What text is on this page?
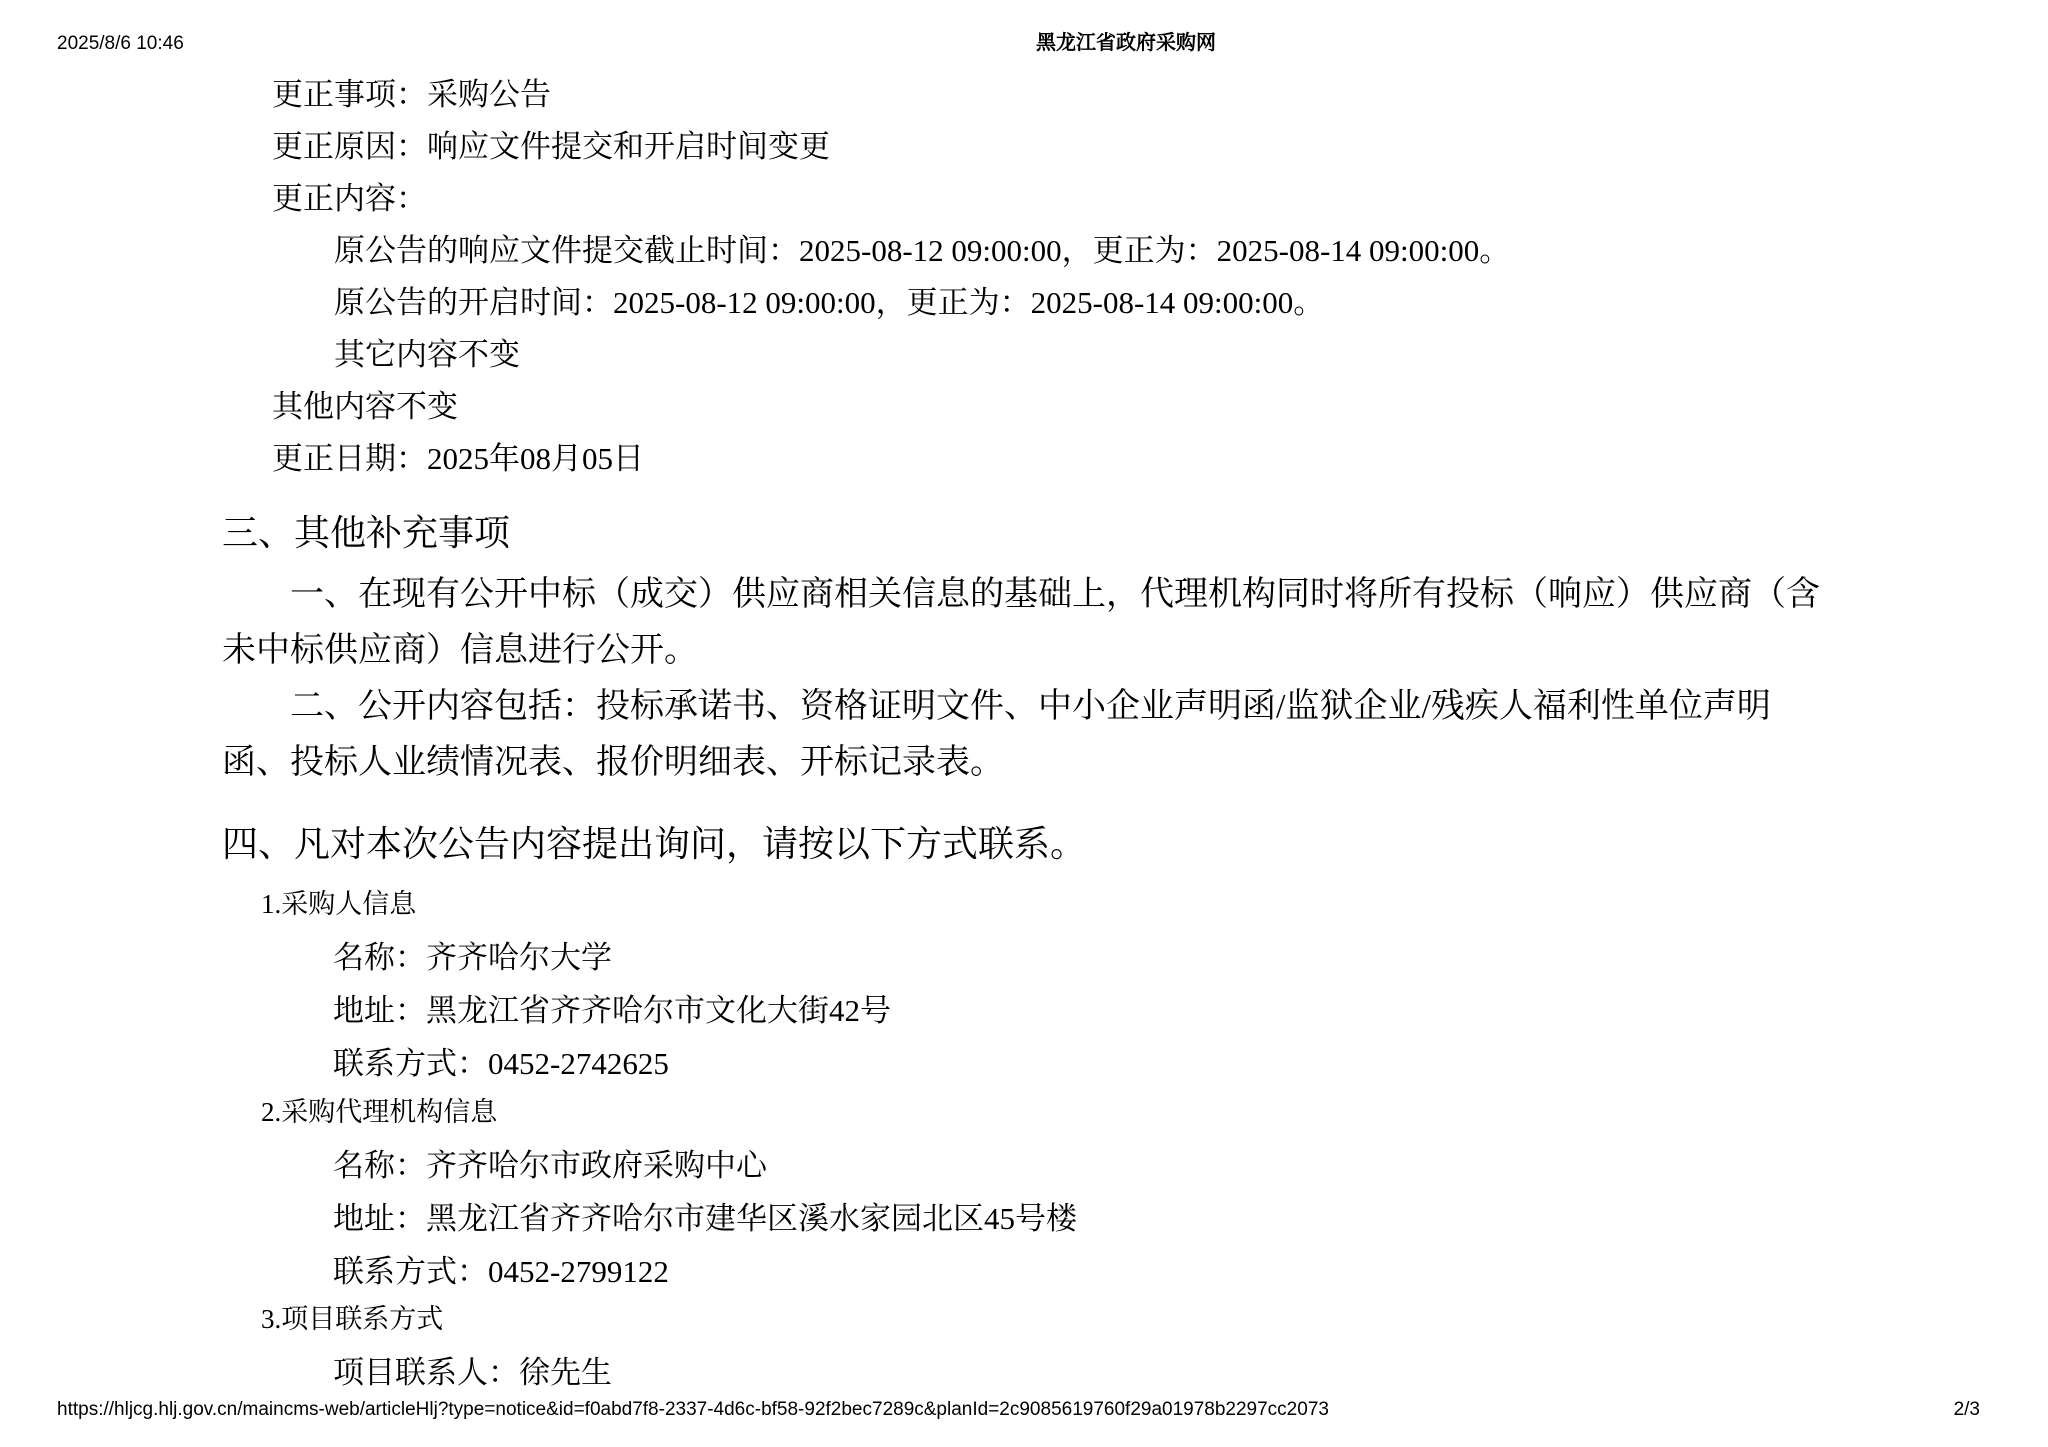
2025/8/6 10:46	黑龙江省政府采购网
更正事项：采购公告
更正原因：响应文件提交和开启时间变更
更正内容：
原公告的响应文件提交截止时间：2025-08-12 09:00:00，更正为：2025-08-14 09:00:00。
原公告的开启时间：2025-08-12 09:00:00，更正为：2025-08-14 09:00:00。
其它内容不变
其他内容不变
更正日期：2025年08月05日
三、其他补充事项
一、在现有公开中标（成交）供应商相关信息的基础上，代理机构同时将所有投标（响应）供应商（含
未中标供应商）信息进行公开。
二、公开内容包括：投标承诺书、资格证明文件、中小企业声明函/监狱企业/残疾人福利性单位声明
函、投标人业绩情况表、报价明细表、开标记录表。
四、凡对本次公告内容提出询问，请按以下方式联系。
1.采购人信息
名称：齐齐哈尔大学
地址：黑龙江省齐齐哈尔市文化大街42号
联系方式：0452-2742625
2.采购代理机构信息
名称：齐齐哈尔市政府采购中心
地址：黑龙江省齐齐哈尔市建华区溪水家园北区45号楼
联系方式：0452-2799122
3.项目联系方式
项目联系人：徐先生
https://hljcg.hlj.gov.cn/maincms-web/articleHlj?type=notice&id=f0abd7f8-2337-4d6c-bf58-92f2bec7289c&planId=2c9085619760f29a01978b2297cc2073	2/3
